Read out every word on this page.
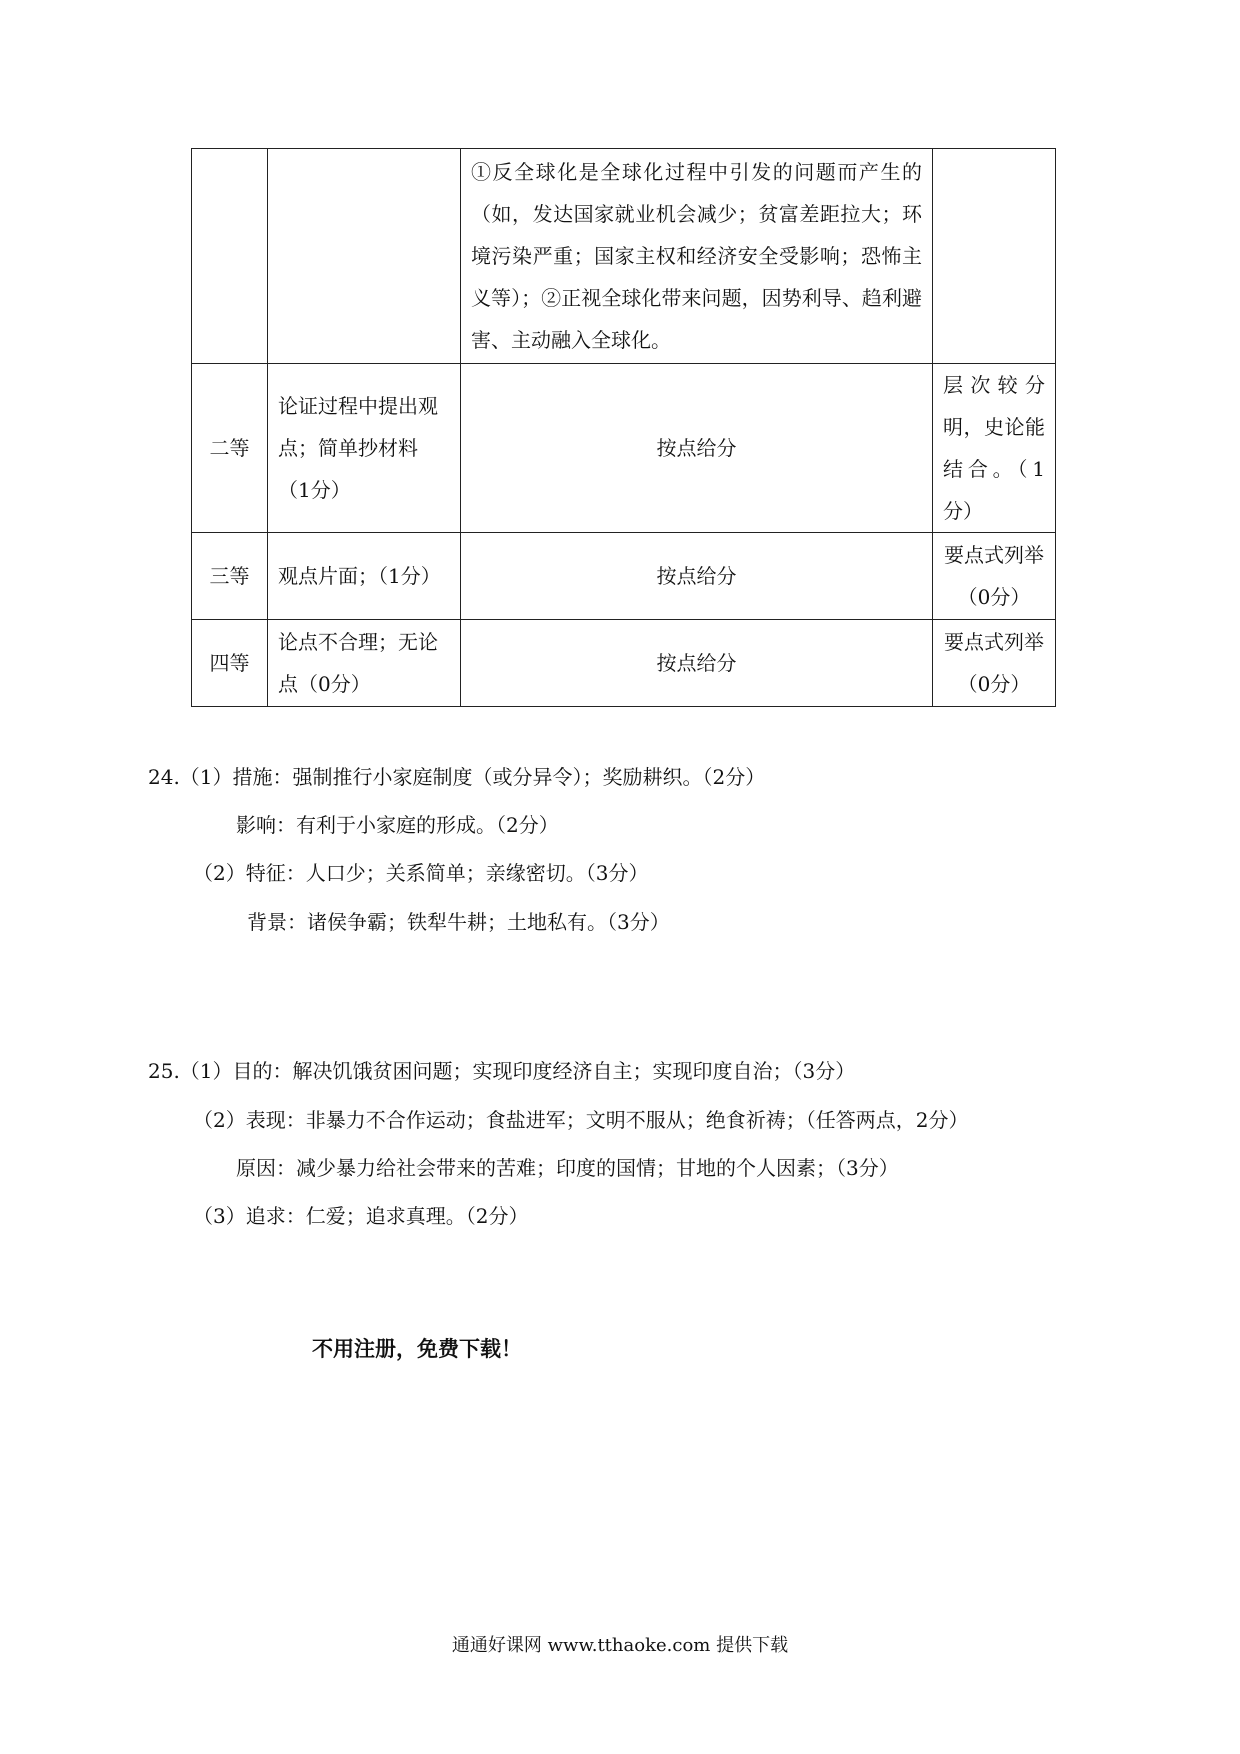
		①反全球化是全球化过程中引发的问题而产生的（如，发达国家就业机会减少；贫富差距拉大；环境污染严重；国家主权和经济安全受影响；恐怖主义等）；②正视全球化带来问题，因势利导、趋利避害、主动融入全球化。	
二等	论证过程中提出观点；简单抄材料（1分）	按点给分	层次较分明，史论能结合。（1分）
三等	观点片面；（1分）	按点给分	要点式列举（0分）
四等	论点不合理；无论点（0分）	按点给分	要点式列举（0分）
24.（1）措施：强制推行小家庭制度（或分异令）；奖励耕织。（2分）
影响：有利于小家庭的形成。（2分）
（2）特征：人口少；关系简单；亲缘密切。（3分）
背景：诸侯争霸；铁犁牛耕；土地私有。（3分）
25.（1）目的：解决饥饿贫困问题；实现印度经济自主；实现印度自治；（3分）
（2）表现：非暴力不合作运动；食盐进军；文明不服从；绝食祈祷；（任答两点，2分）
原因：减少暴力给社会带来的苦难；印度的国情；甘地的个人因素；（3分）
（3）追求：仁爱；追求真理。（2分）
不用注册，免费下载！
通通好课网 www.tthaoke.com 提供下载
